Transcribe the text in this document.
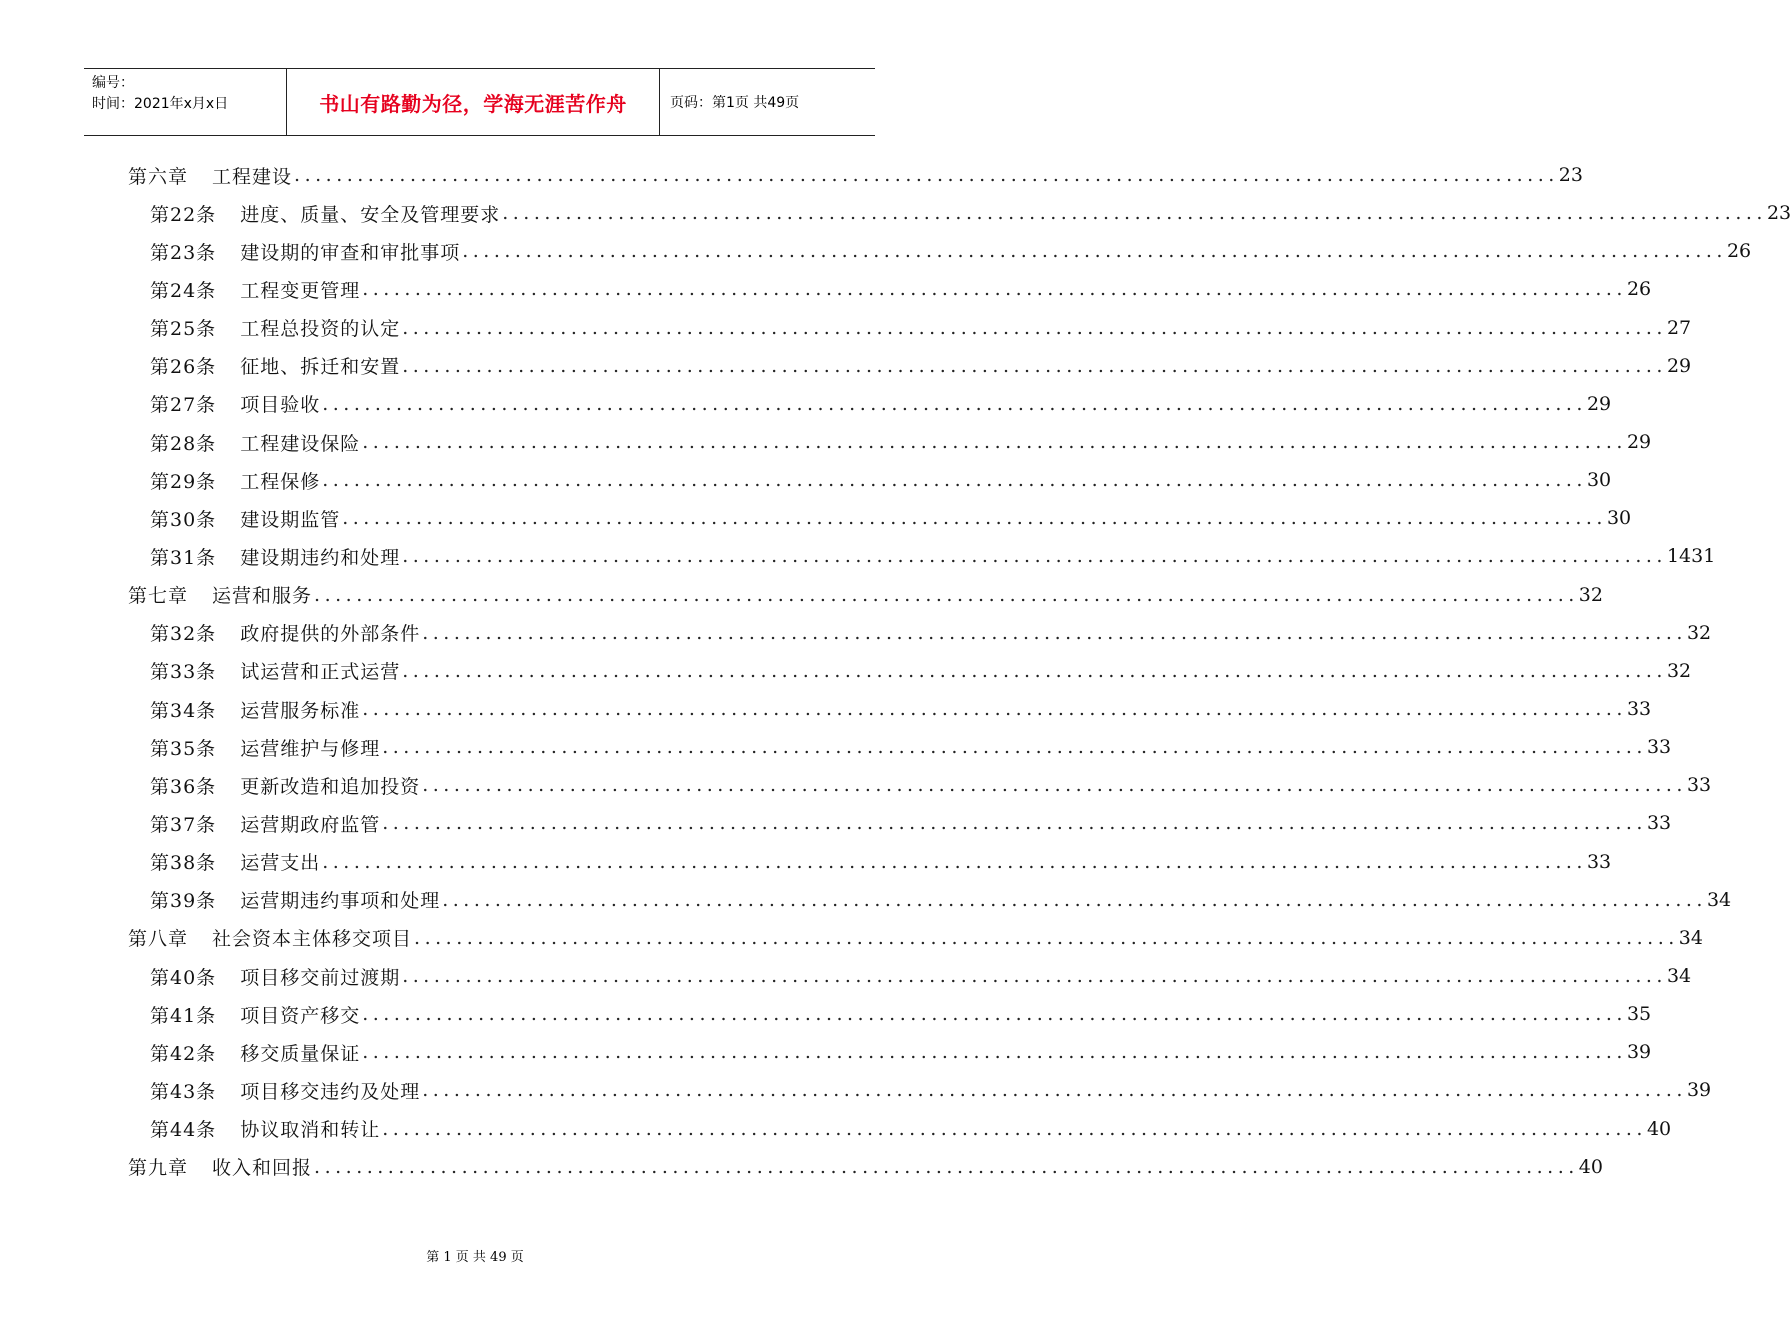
编号：
时间：2021年x月x日	书山有路勤为径，学海无涯苦作舟	页码：第1页 共49页
第六章 工程建设 ........................................................................................................................ 23
第22条 进度、质量、安全及管理要求 ........................................................................................................................ 23
第23条 建设期的审查和审批事项 ........................................................................................................................ 26
第24条 工程变更管理 ........................................................................................................................ 26
第25条 工程总投资的认定 ........................................................................................................................ 27
第26条 征地、拆迁和安置 ........................................................................................................................ 29
第27条 项目验收 ........................................................................................................................ 29
第28条 工程建设保险 ........................................................................................................................ 29
第29条 工程保修 ........................................................................................................................ 30
第30条 建设期监管 ........................................................................................................................ 30
第31条 建设期违约和处理 ........................................................................................................................ 1431
第七章 运营和服务 ........................................................................................................................ 32
第32条 政府提供的外部条件 ........................................................................................................................ 32
第33条 试运营和正式运营 ........................................................................................................................ 32
第34条 运营服务标准 ........................................................................................................................ 33
第35条 运营维护与修理 ........................................................................................................................ 33
第36条 更新改造和追加投资 ........................................................................................................................ 33
第37条 运营期政府监管 ........................................................................................................................ 33
第38条 运营支出 ........................................................................................................................ 33
第39条 运营期违约事项和处理 ........................................................................................................................ 34
第八章 社会资本主体移交项目 ........................................................................................................................ 34
第40条 项目移交前过渡期 ........................................................................................................................ 34
第41条 项目资产移交 ........................................................................................................................ 35
第42条 移交质量保证 ........................................................................................................................ 39
第43条 项目移交违约及处理 ........................................................................................................................ 39
第44条 协议取消和转让 ........................................................................................................................ 40
第九章 收入和回报 ........................................................................................................................ 40
第 1 页 共 49 页
